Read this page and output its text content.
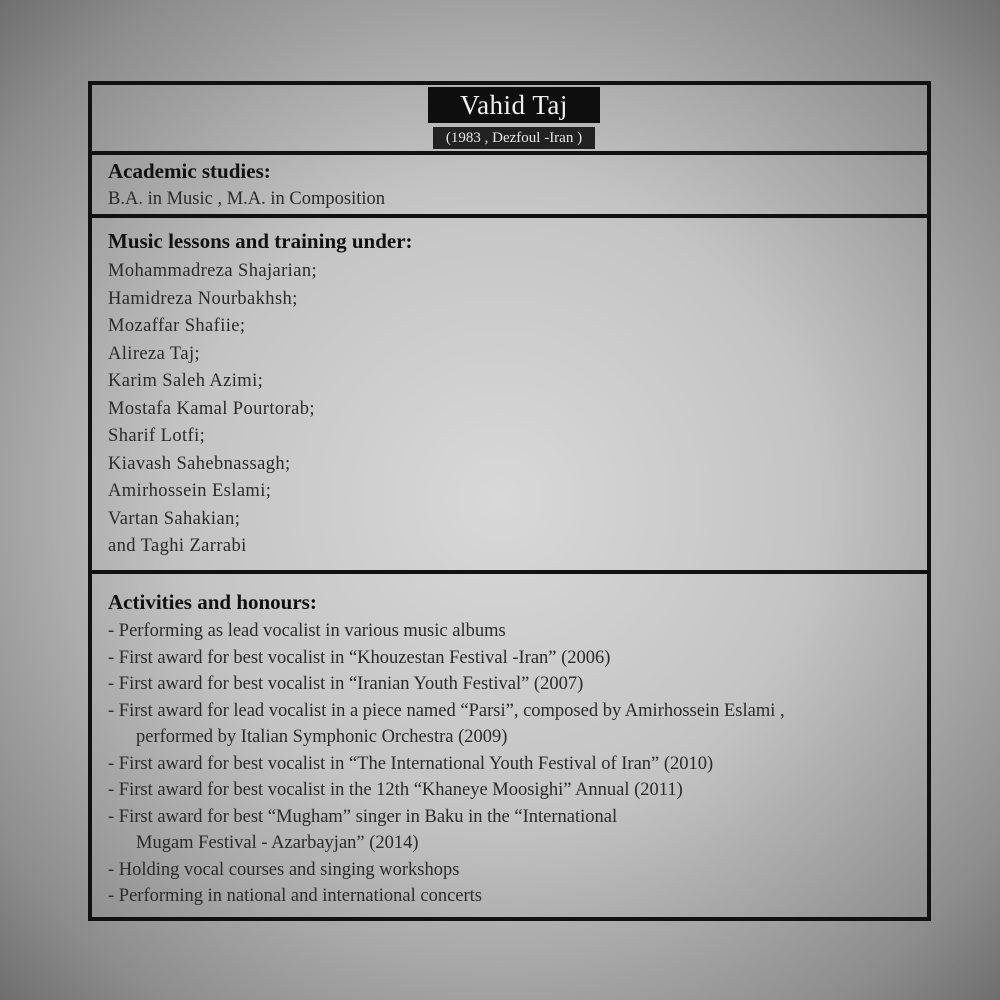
Vahid Taj
(1983 , Dezfoul -Iran )
Academic studies:
B.A. in Music , M.A. in Composition
Music lessons and training under:
Mohammadreza Shajarian;
Hamidreza Nourbakhsh;
Mozaffar Shafiie;
Alireza Taj;
Karim Saleh Azimi;
Mostafa Kamal Pourtorab;
Sharif Lotfi;
Kiavash Sahebnassagh;
Amirhossein Eslami;
Vartan Sahakian;
and Taghi Zarrabi
Activities and honours:
- Performing as lead vocalist in various music albums
- First award for best vocalist in “Khouzestan Festival -Iran” (2006)
- First award for best vocalist in “Iranian Youth Festival” (2007)
- First award for lead vocalist in a piece named “Parsi”, composed by Amirhossein Eslami ,
performed by Italian Symphonic Orchestra (2009)
- First award for best vocalist in “The International Youth Festival of Iran” (2010)
- First award for best vocalist in the 12th “Khaneye Moosighi” Annual (2011)
- First award for best “Mugham” singer in Baku in the “International
Mugam Festival - Azarbayjan” (2014)
- Holding vocal courses and singing workshops
- Performing in national and international concerts
